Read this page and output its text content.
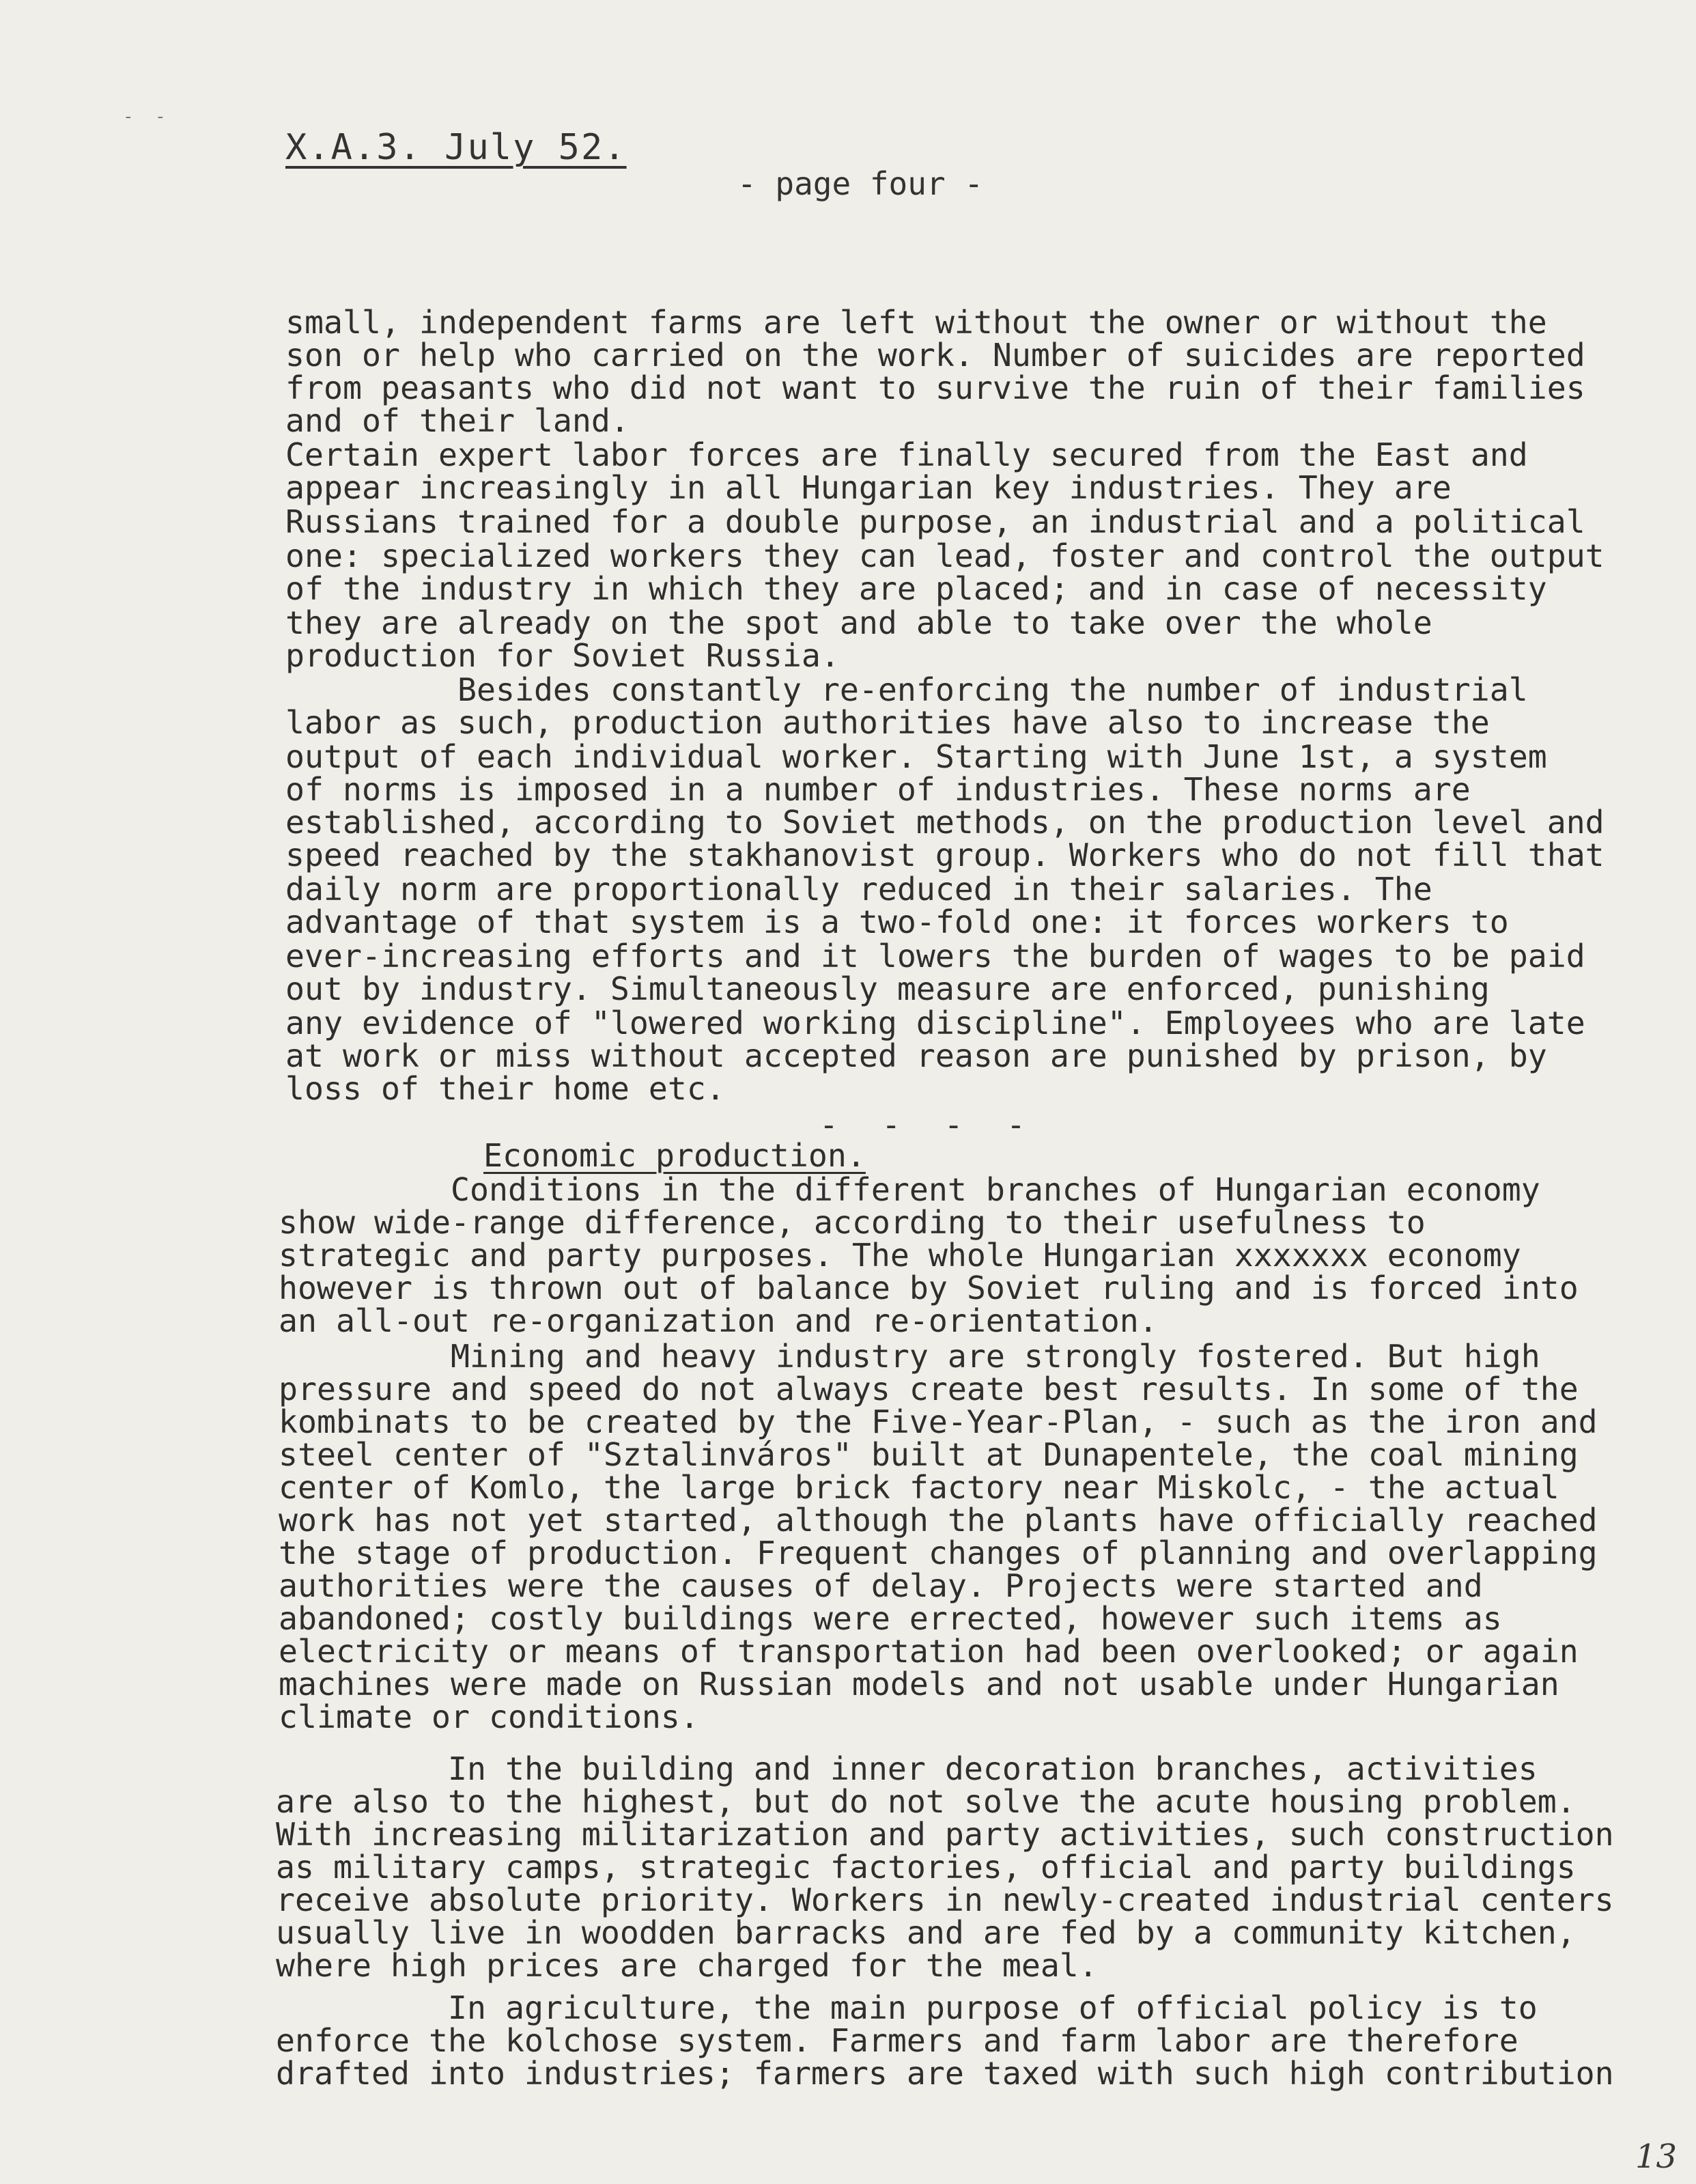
-  -
X.A.3. July 52.
- page four -
small, independent farms are left without the owner or without the
son or help who carried on the work. Number of suicides are reported
from peasants who did not want to survive the ruin of their families
and of their land.
Certain expert labor forces are finally secured from the East and
appear increasingly in all Hungarian key industries. They are
Russians trained for a double purpose, an industrial and a political
one: specialized workers they can lead, foster and control the output
of the industry in which they are placed; and in case of necessity
they are already on the spot and able to take over the whole
production for Soviet Russia.
Besides constantly re-enforcing the number of industrial
labor as such, production authorities have also to increase the
output of each individual worker. Starting with June 1st, a system
of norms is imposed in a number of industries. These norms are
established, according to Soviet methods, on the production level and
speed reached by the stakhanovist group. Workers who do not fill that
daily norm are proportionally reduced in their salaries. The
advantage of that system is a two-fold one: it forces workers to
ever-increasing efforts and it lowers the burden of wages to be paid
out by industry. Simultaneously measure are enforced, punishing
any evidence of "lowered working discipline". Employees who are late
at work or miss without accepted reason are punished by prison, by
loss of their home etc.
- - - -
Economic production.
Conditions in the different branches of Hungarian economy
show wide-range difference, according to their usefulness to
strategic and party purposes. The whole Hungarian xxxxxxx economy
however is thrown out of balance by Soviet ruling and is forced into
an all-out re-organization and re-orientation.
Mining and heavy industry are strongly fostered. But high
pressure and speed do not always create best results. In some of the
kombinats to be created by the Five-Year-Plan, - such as the iron and
steel center of "Sztalinváros" built at Dunapentele, the coal mining
center of Komlo, the large brick factory near Miskolc, - the actual
work has not yet started, although the plants have officially reached
the stage of production. Frequent changes of planning and overlapping
authorities were the causes of delay. Projects were started and
abandoned; costly buildings were errected, however such items as
electricity or means of transportation had been overlooked; or again
machines were made on Russian models and not usable under Hungarian
climate or conditions.
In the building and inner decoration branches, activities
are also to the highest, but do not solve the acute housing problem.
With increasing militarization and party activities, such construction
as military camps, strategic factories, official and party buildings
receive absolute priority. Workers in newly-created industrial centers
usually live in woodden barracks and are fed by a community kitchen,
where high prices are charged for the meal.
In agriculture, the main purpose of official policy is to
enforce the kolchose system. Farmers and farm labor are therefore
drafted into industries; farmers are taxed with such high contribution
13
